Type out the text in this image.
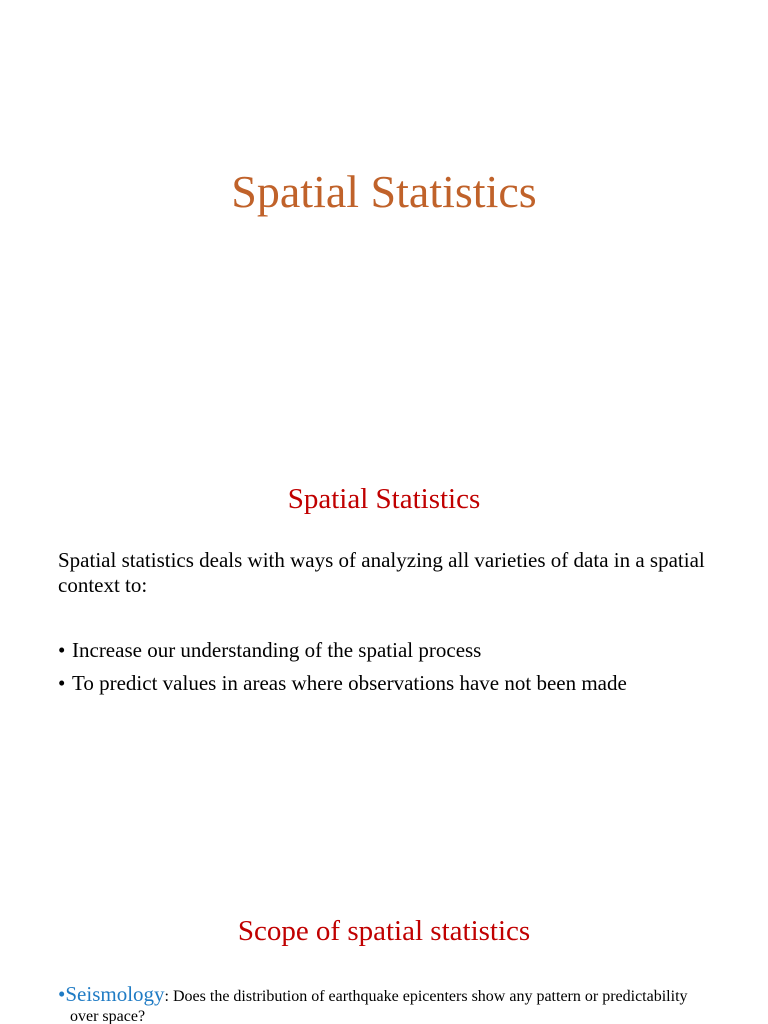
Spatial Statistics
Spatial Statistics

Spatial statistics deals with ways of analyzing all varieties of data in a spatial context to:

• Increase our understanding of the spatial process
• To predict values in areas where observations have not been made
Scope of spatial statistics
•Seismology: Does the distribution of earthquake epicenters show any pattern or predictability over space?
